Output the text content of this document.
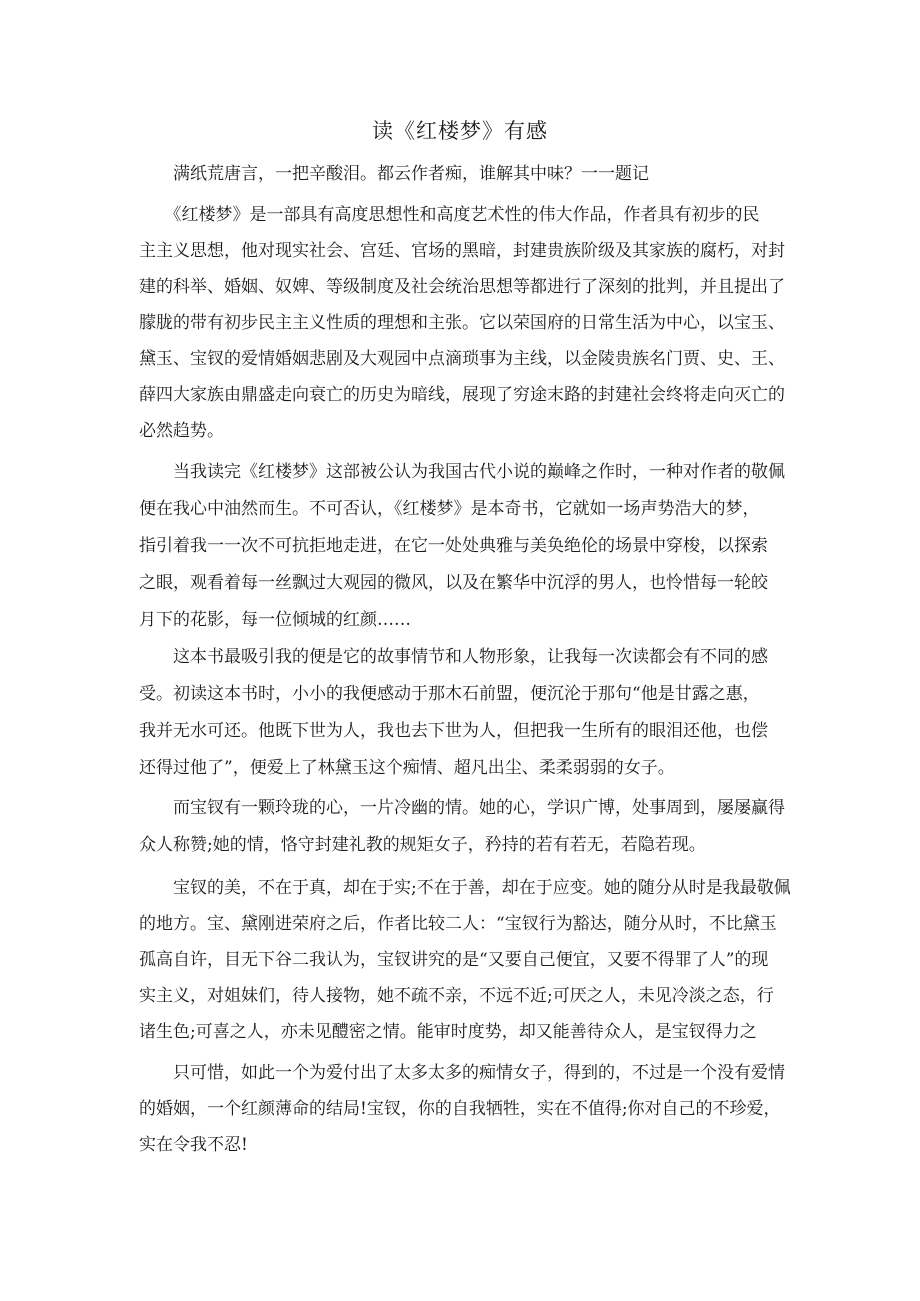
读《红楼梦》有感
　　满纸荒唐言，一把辛酸泪。都云作者痴，谁解其中味？一一题记
　　《红楼梦》是一部具有高度思想性和高度艺术性的伟大作品，作者具有初步的民
主主义思想，他对现实社会、宫廷、官场的黑暗，封建贵族阶级及其家族的腐朽，对封
建的科举、婚姻、奴婢、等级制度及社会统治思想等都进行了深刻的批判，并且提出了
朦胧的带有初步民主主义性质的理想和主张。它以荣国府的日常生活为中心，以宝玉、
黛玉、宝钗的爱情婚姻悲剧及大观园中点滴琐事为主线，以金陵贵族名门贾、史、王、
薛四大家族由鼎盛走向衰亡的历史为暗线，展现了穷途末路的封建社会终将走向灭亡的
必然趋势。
　　当我读完《红楼梦》这部被公认为我国古代小说的巅峰之作时，一种对作者的敬佩
便在我心中油然而生。不可否认，《红楼梦》是本奇书，它就如一场声势浩大的梦，
指引着我一一次不可抗拒地走进，在它一处处典雅与美奂绝伦的场景中穿梭，以探索
之眼，观看着每一丝飘过大观园的微风，以及在繁华中沉浮的男人，也怜惜每一轮皎
月下的花影，每一位倾城的红颜……
　　这本书最吸引我的便是它的故事情节和人物形象，让我每一次读都会有不同的感
受。初读这本书时，小小的我便感动于那木石前盟，便沉沦于那句“他是甘露之惠，
我并无水可还。他既下世为人，我也去下世为人，但把我一生所有的眼泪还他，也偿
还得过他了”，便爱上了林黛玉这个痴情、超凡出尘、柔柔弱弱的女子。
　　而宝钗有一颗玲珑的心，一片冷幽的情。她的心，学识广博，处事周到，屡屡赢得
众人称赞;她的情，恪守封建礼教的规矩女子，矜持的若有若无，若隐若现。
　　宝钗的美，不在于真，却在于实;不在于善，却在于应变。她的随分从时是我最敬佩
的地方。宝、黛刚进荣府之后，作者比较二人：“宝钗行为豁达，随分从时，不比黛玉
孤高自许，目无下谷二我认为，宝钗讲究的是“又要自己便宜，又要不得罪了人”的现
实主义，对姐妹们，待人接物，她不疏不亲，不远不近;可厌之人，未见冷淡之态，行
诸生色;可喜之人，亦未见醴密之情。能审时度势，却又能善待众人，是宝钗得力之
　　只可惜，如此一个为爱付出了太多太多的痴情女子，得到的，不过是一个没有爱情
的婚姻，一个红颜薄命的结局!宝钗，你的自我牺牲，实在不值得;你对自己的不珍爱，
实在令我不忍!
